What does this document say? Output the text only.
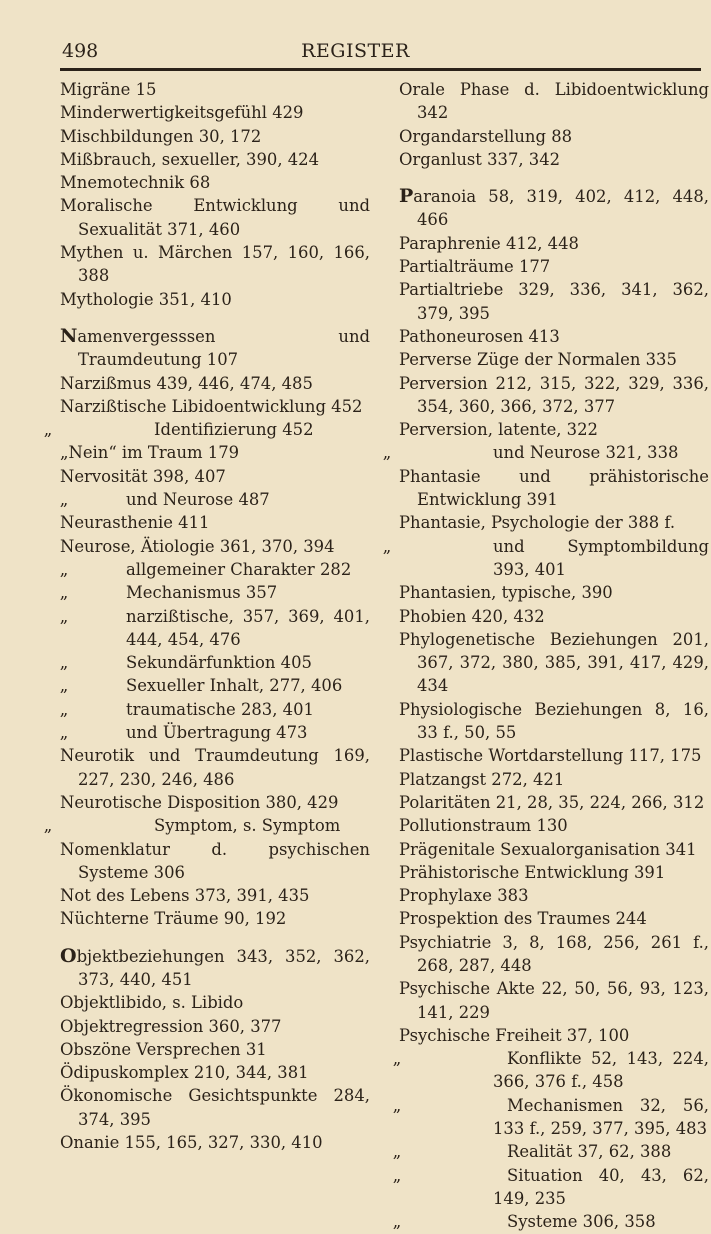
498	REGISTER
Migräne 15
Minderwertigkeitsgefühl 429
Mischbildungen 30, 172
Mißbrauch, sexueller, 390, 424
Mnemotechnik 68
Moralische Entwicklung und Sexualität 371, 460
Mythen u. Märchen 157, 160, 166, 388
Mythologie 351, 410
Namenvergesssen und Traumdeutung 107
Narzißmus 439, 446, 474, 485
Narzißtische Libidoentwicklung 452
„	Identifizierung 452
„Nein“ im Traum 179
Nervosität 398, 407
„	und Neurose 487
Neurasthenie 411
Neurose, Ätiologie 361, 370, 394
„	allgemeiner Charakter 282
„	Mechanismus 357
„	narzißtische, 357, 369, 401, 444, 454, 476
„	Sekundärfunktion 405
„	Sexueller Inhalt, 277, 406
„	traumatische 283, 401
„	und Übertragung 473
Neurotik und Traumdeutung 169, 227, 230, 246, 486
Neurotische Disposition 380, 429
„	Symptom, s. Symptom
Nomenklatur d. psychischen Systeme 306
Not des Lebens 373, 391, 435
Nüchterne Träume 90, 192
Objektbeziehungen 343, 352, 362, 373, 440, 451
Objektlibido, s. Libido
Objektregression 360, 377
Obszöne Versprechen 31
Ödipuskomplex 210, 344, 381
Ökonomische Gesichtspunkte 284, 374, 395
Onanie 155, 165, 327, 330, 410
Orale Phase d. Libidoentwicklung 342
Organdarstellung 88
Organlust 337, 342
Paranoia 58, 319, 402, 412, 448, 466
Paraphrenie 412, 448
Partialträume 177
Partialtriebe 329, 336, 341, 362, 379, 395
Pathoneurosen 413
Perverse Züge der Normalen 335
Perversion 212, 315, 322, 329, 336, 354, 360, 366, 372, 377
Perversion, latente, 322
„	und Neurose 321, 338
Phantasie und prähistorische Entwicklung 391
Phantasie, Psychologie der 388 f.
„	und Symptombildung 393, 401
Phantasien, typische, 390
Phobien 420, 432
Phylogenetische Beziehungen 201, 367, 372, 380, 385, 391, 417, 429, 434
Physiologische Beziehungen 8, 16, 33 f., 50, 55
Plastische Wortdarstellung 117, 175
Platzangst 272, 421
Polaritäten 21, 28, 35, 224, 266, 312
Pollutionstraum 130
Prägenitale Sexualorganisation 341
Prähistorische Entwicklung 391
Prophylaxe 383
Prospektion des Traumes 244
Psychiatrie 3, 8, 168, 256, 261 f., 268, 287, 448
Psychische Akte 22, 50, 56, 93, 123, 141, 229
Psychische Freiheit 37, 100
„	Konflikte 52, 143, 224, 366, 376 f., 458
„	Mechanismen 32, 56, 133 f., 259, 377, 395, 483
„	Realität 37, 62, 388
„	Situation 40, 43, 62, 149, 235
„	Systeme 306, 358
